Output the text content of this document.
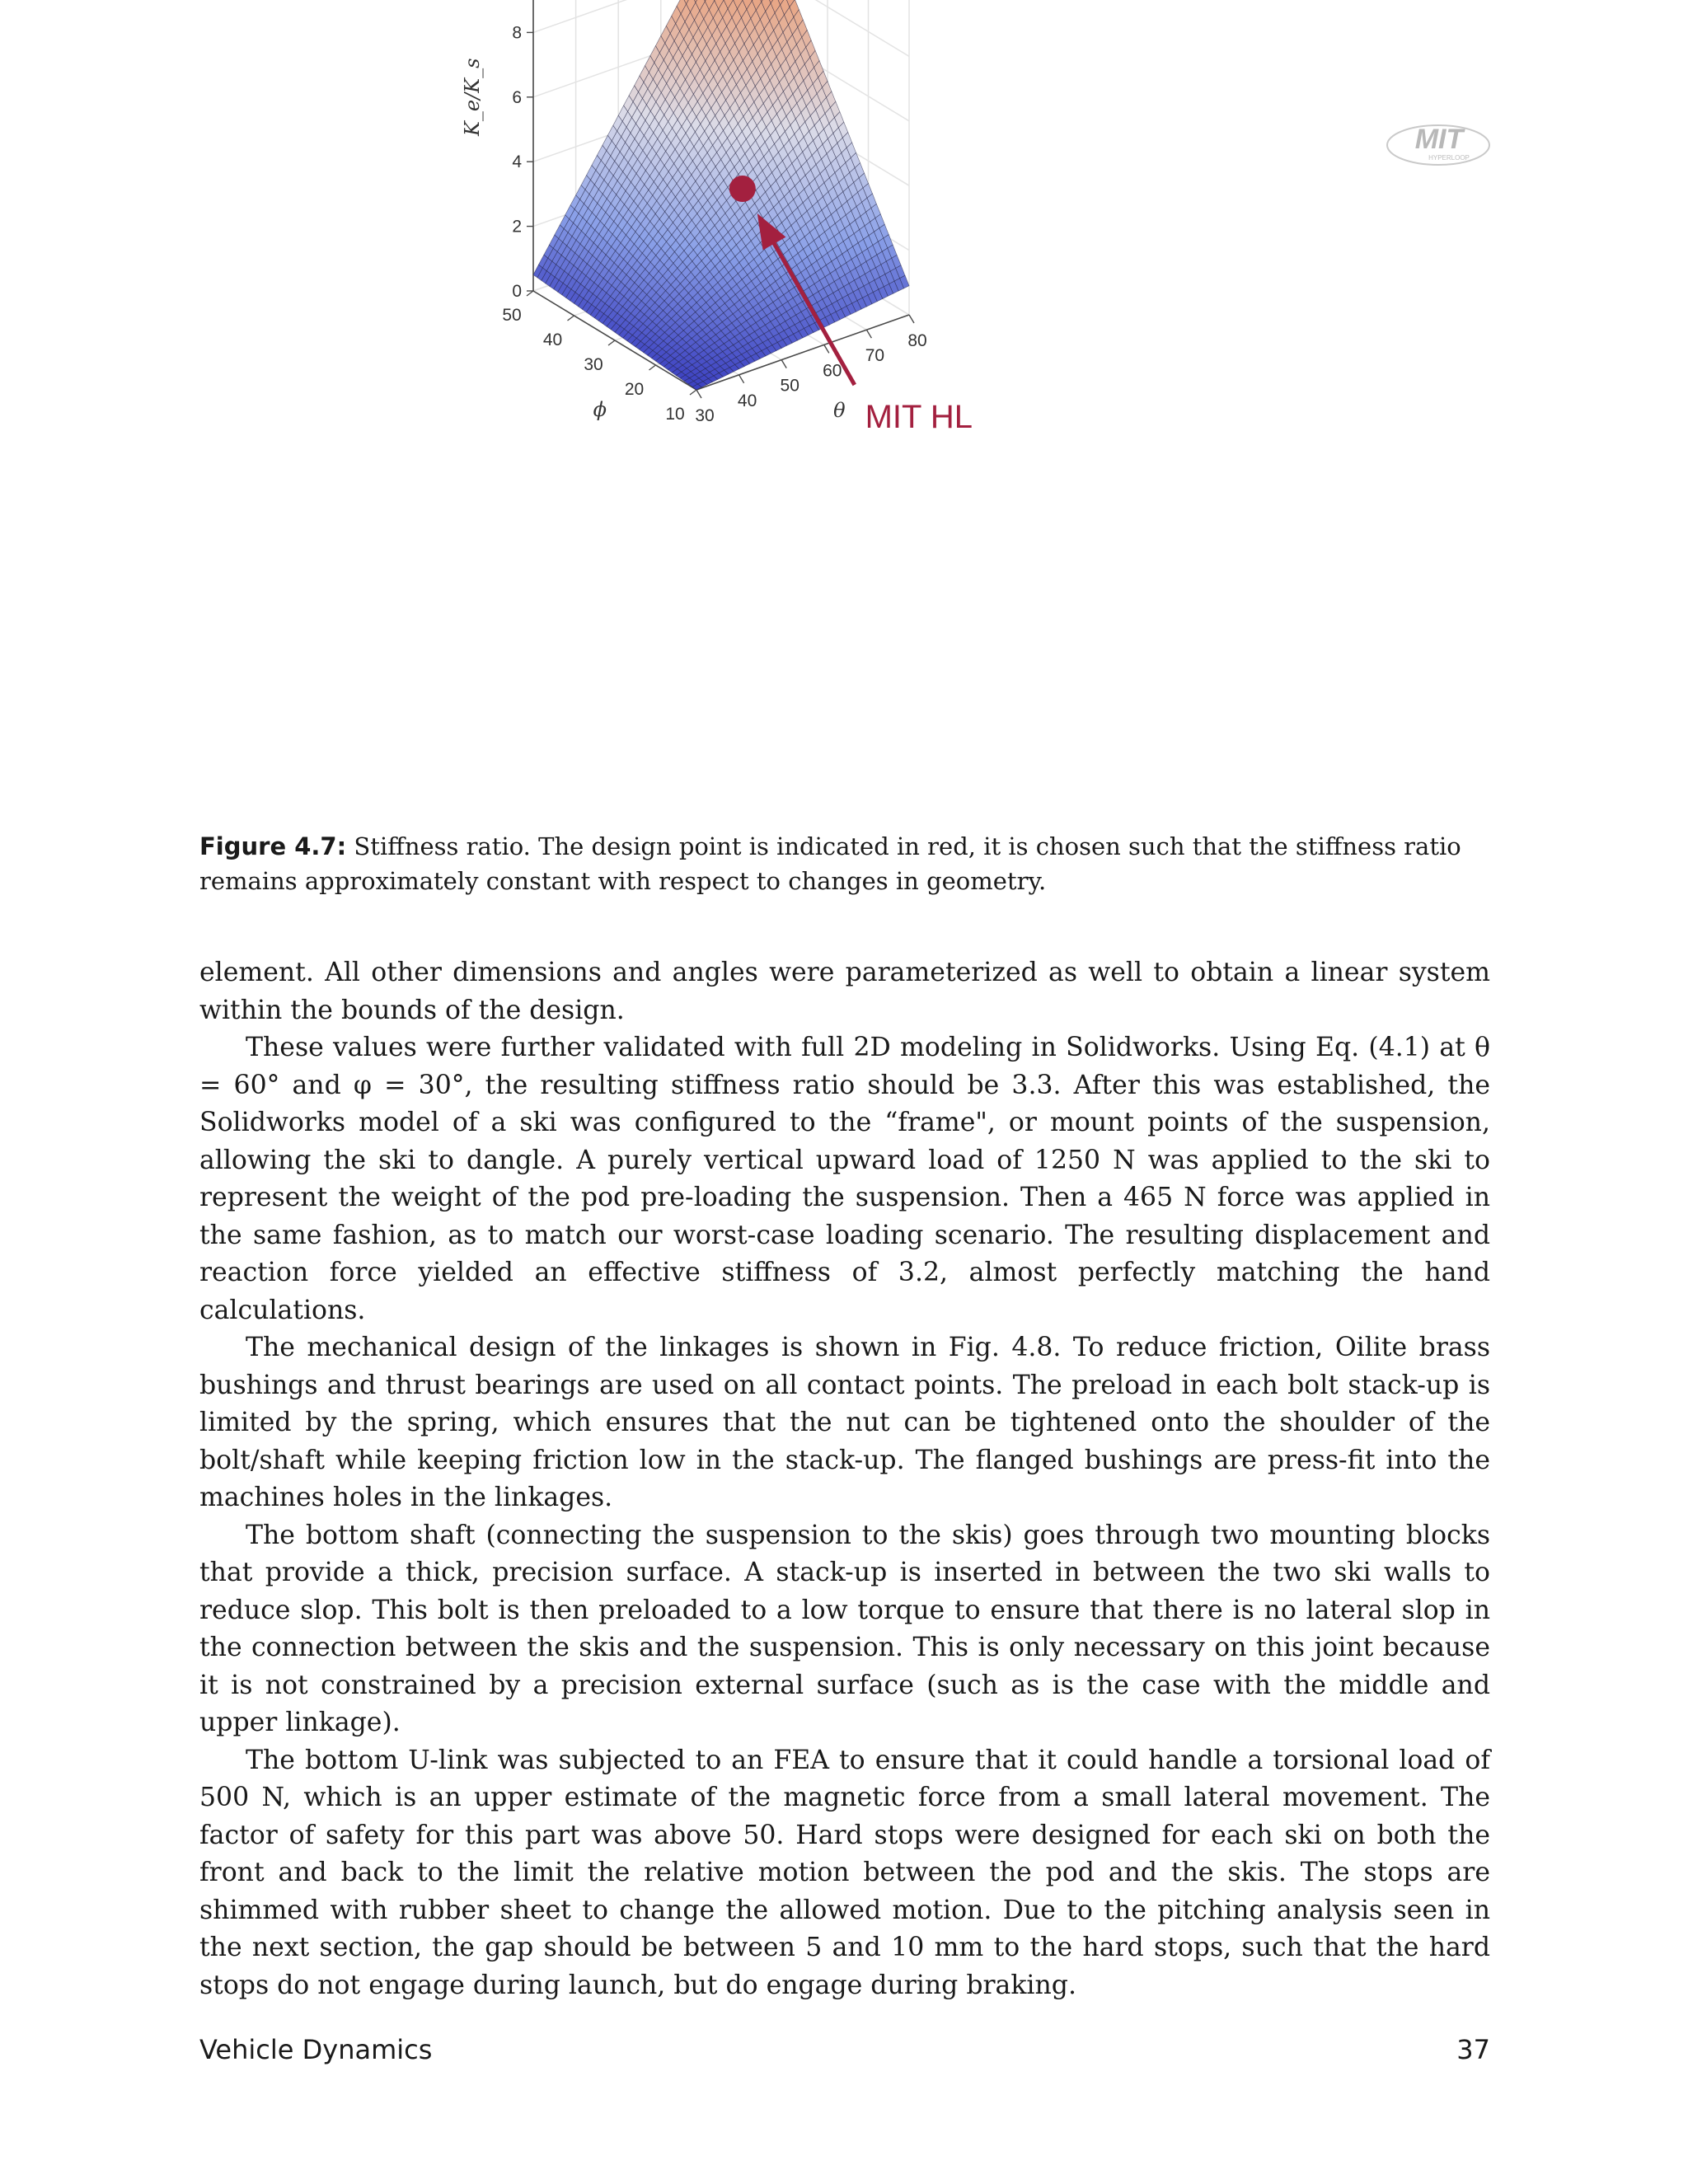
MIT
HYPERLOOP
0
2
4
6
8
30
40
50
60
70
80
10
20
30
40
50
θ
ϕ
K_e/K_s
MIT HL
Figure 4.7: Stiffness ratio. The design point is indicated in red, it is chosen such that the stiffness ratio remains approximately constant with respect to changes in geometry.

element. All other dimensions and angles were parameterized as well to obtain a linear system within the bounds of the design.

These values were further validated with full 2D modeling in Solidworks. Using Eq. (4.1) at θ = 60° and φ = 30°, the resulting stiffness ratio should be 3.3. After this was established, the Solidworks model of a ski was configured to the “frame", or mount points of the suspension, allowing the ski to dangle. A purely vertical upward load of 1250 N was applied to the ski to represent the weight of the pod pre-loading the suspension. Then a 465 N force was applied in the same fashion, as to match our worst-case loading scenario. The resulting displacement and reaction force yielded an effective stiffness of 3.2, almost perfectly matching the hand calculations.

The mechanical design of the linkages is shown in Fig. 4.8. To reduce friction, Oilite brass bushings and thrust bearings are used on all contact points. The preload in each bolt stack-up is limited by the spring, which ensures that the nut can be tightened onto the shoulder of the bolt/shaft while keeping friction low in the stack-up. The flanged bushings are press-fit into the machines holes in the linkages.

The bottom shaft (connecting the suspension to the skis) goes through two mounting blocks that provide a thick, precision surface. A stack-up is inserted in between the two ski walls to reduce slop. This bolt is then preloaded to a low torque to ensure that there is no lateral slop in the connection between the skis and the suspension. This is only necessary on this joint because it is not constrained by a precision external surface (such as is the case with the middle and upper linkage).

The bottom U-link was subjected to an FEA to ensure that it could handle a torsional load of 500 N, which is an upper estimate of the magnetic force from a small lateral movement. The factor of safety for this part was above 50. Hard stops were designed for each ski on both the front and back to the limit the relative motion between the pod and the skis. The stops are shimmed with rubber sheet to change the allowed motion. Due to the pitching analysis seen in the next section, the gap should be between 5 and 10 mm to the hard stops, such that the hard stops do not engage during launch, but do engage during braking.

Vehicle Dynamics	37
